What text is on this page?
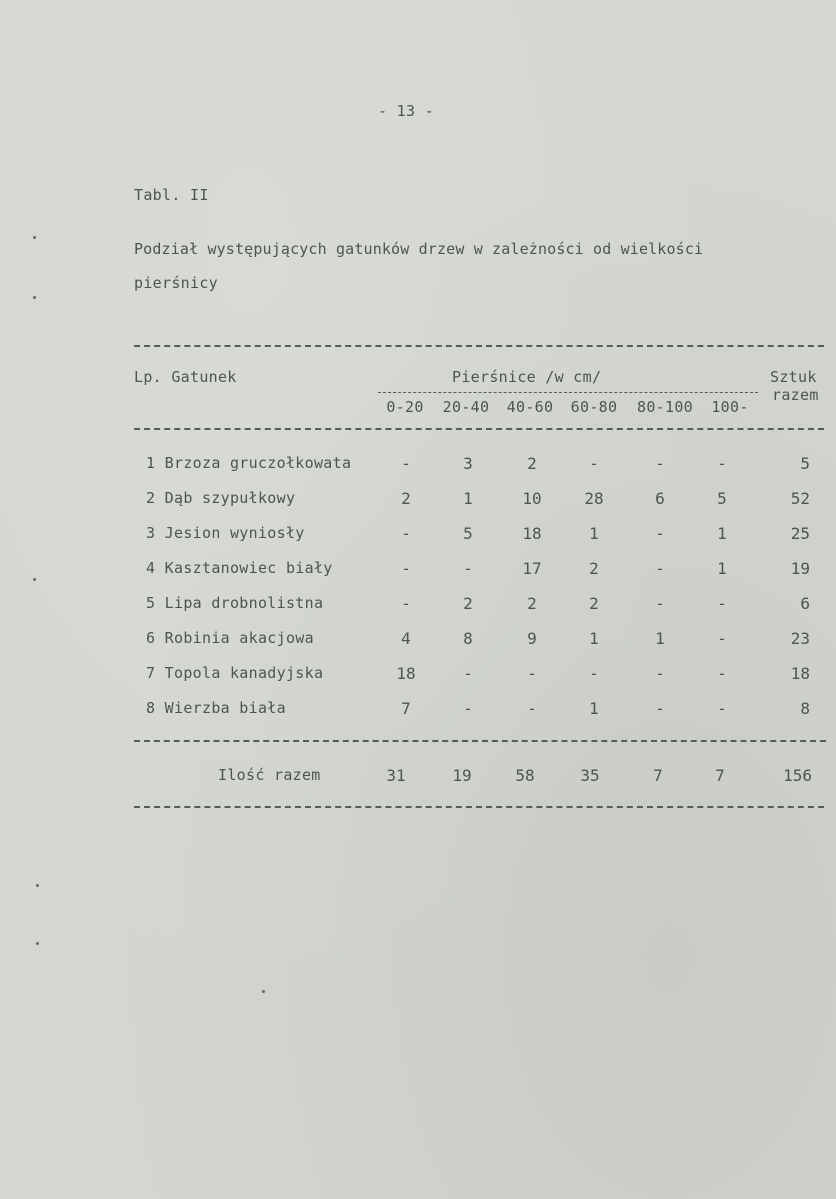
- 13 -
Tabl. II
Podział występujących gatunków drzew w zależności od wielkości
pierśnicy
Lp. Gatunek	Pierśnice /w cm/	Sztuk
razem
0-20	20-40	40-60	60-80	80-100	100-
1 Brzoza gruczołkowata	-	3	2	-	-	-	5
2 Dąb szypułkowy	2	1	10	28	6	5	52
3 Jesion wyniosły	-	5	18	1	-	1	25
4 Kasztanowiec biały	-	-	17	2	-	1	19
5 Lipa drobnolistna	-	2	2	2	-	-	6
6 Robinia akacjowa	4	8	9	1	1	-	23
7 Topola kanadyjska	18	-	-	-	-	-	18
8 Wierzba biała	7	-	-	1	-	-	8
Ilość razem	31	19	58	35	7	7	156
